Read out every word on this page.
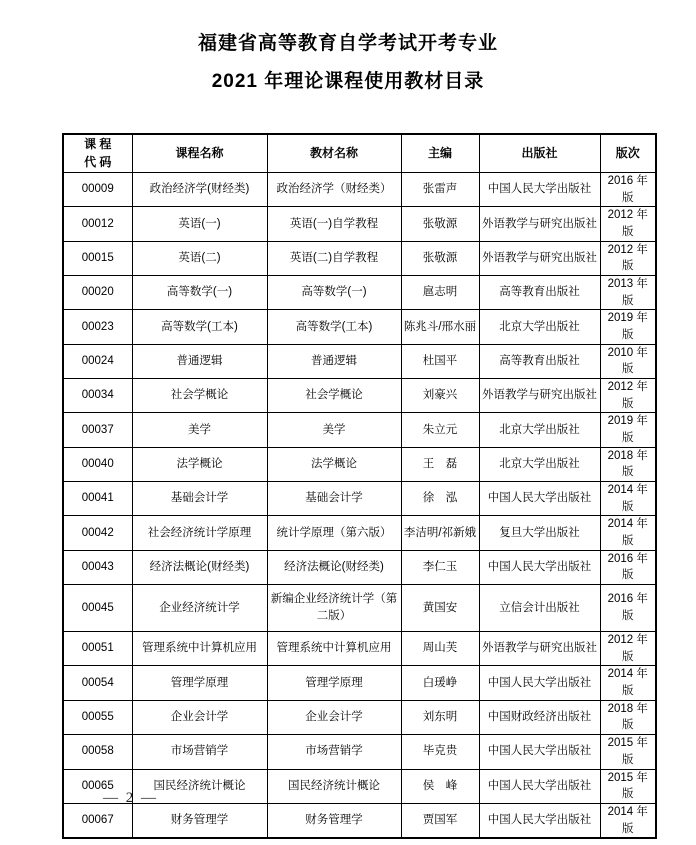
福建省高等教育自学考试开考专业
2021 年理论课程使用教材目录
课 程
代 码	课程名称	教材名称	主编	出版社	版次
00009	政治经济学(财经类)	政治经济学（财经类）	张雷声	中国人民大学出版社	2016 年版
00012	英语(一)	英语(一)自学教程	张敬源	外语教学与研究出版社	2012 年版
00015	英语(二)	英语(二)自学教程	张敬源	外语教学与研究出版社	2012 年版
00020	高等数学(一)	高等数学(一)	扈志明	高等教育出版社	2013 年版
00023	高等数学(工本)	高等数学(工本)	陈兆斗/邢水丽	北京大学出版社	2019 年版
00024	普通逻辑	普通逻辑	杜国平	高等教育出版社	2010 年版
00034	社会学概论	社会学概论	刘豪兴	外语教学与研究出版社	2012 年版
00037	美学	美学	朱立元	北京大学出版社	2019 年版
00040	法学概论	法学概论	王　磊	北京大学出版社	2018 年版
00041	基础会计学	基础会计学	徐　泓	中国人民大学出版社	2014 年版
00042	社会经济统计学原理	统计学原理（第六版）	李洁明/祁新娥	复旦大学出版社	2014 年版
00043	经济法概论(财经类)	经济法概论(财经类)	李仁玉	中国人民大学出版社	2016 年版
00045	企业经济统计学	新编企业经济统计学（第二版）	黄国安	立信会计出版社	2016 年版
00051	管理系统中计算机应用	管理系统中计算机应用	周山芙	外语教学与研究出版社	2012 年版
00054	管理学原理	管理学原理	白瑗峥	中国人民大学出版社	2014 年版
00055	企业会计学	企业会计学	刘东明	中国财政经济出版社	2018 年版
00058	市场营销学	市场营销学	毕克贵	中国人民大学出版社	2015 年版
00065	国民经济统计概论	国民经济统计概论	侯　峰	中国人民大学出版社	2015 年版
00067	财务管理学	财务管理学	贾国军	中国人民大学出版社	2014 年版
— 2 —
